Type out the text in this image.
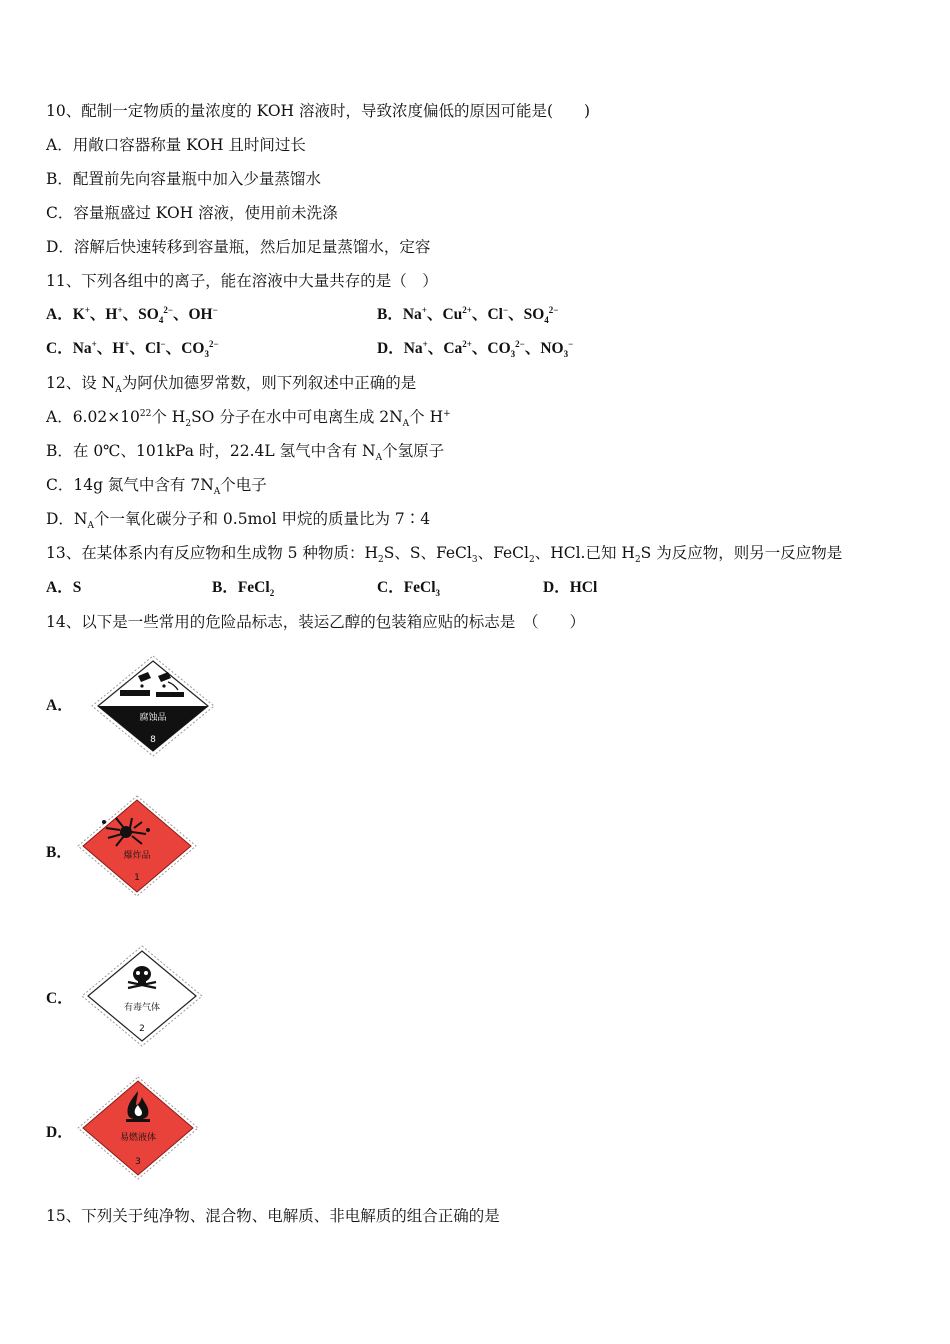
10、配制一定物质的量浓度的 KOH 溶液时，导致浓度偏低的原因可能是(　　)
A．用敞口容器称量 KOH 且时间过长
B．配置前先向容量瓶中加入少量蒸馏水
C．容量瓶盛过 KOH 溶液，使用前未洗涤
D．溶解后快速转移到容量瓶，然后加足量蒸馏水，定容
11、下列各组中的离子，能在溶液中大量共存的是（　）
A．K+、H+、$SO_4^{2-}$、OH−	B．Na+、$Cu^{2+}$、Cl−、$SO_4^{2-}$
C．Na+、H+、Cl−、$CO_3^{2-}$	D．Na+、$Ca^{2+}$、$CO_3^{2-}$、$NO_3^-$
12、设 $N_A$为阿伏加德罗常数，则下列叙述中正确的是
A．$6.02\times 10^{22}$个 $H_2SO$ 分子在水中可电离生成 $2N_A$个 H+
B．在 0℃、101kPa 时，22.4L 氢气中含有 $N_A$个氢原子
C．14g 氮气中含有 $7N_A$个电子
D．$N_A$个一氧化碳分子和 0.5mol 甲烷的质量比为 7∶4
13、在某体系内有反应物和生成物 5 种物质：$H_2S$、S、FeCl$_3$、FeCl$_2$、HCl.已知 $H_2S$ 为反应物，则另一反应物是
A．S	B．FeCl$_2$	C．FeCl$_3$	D．HCl
14、以下是一些常用的危险品标志，装运乙醇的包装箱应贴的标志是　（　　）
A．
腐蚀品
8
B．	爆炸品
1
C．
有毒气体
2
D．	易燃液体
3
15、下列关于纯净物、混合物、电解质、非电解质的组合正确的是
